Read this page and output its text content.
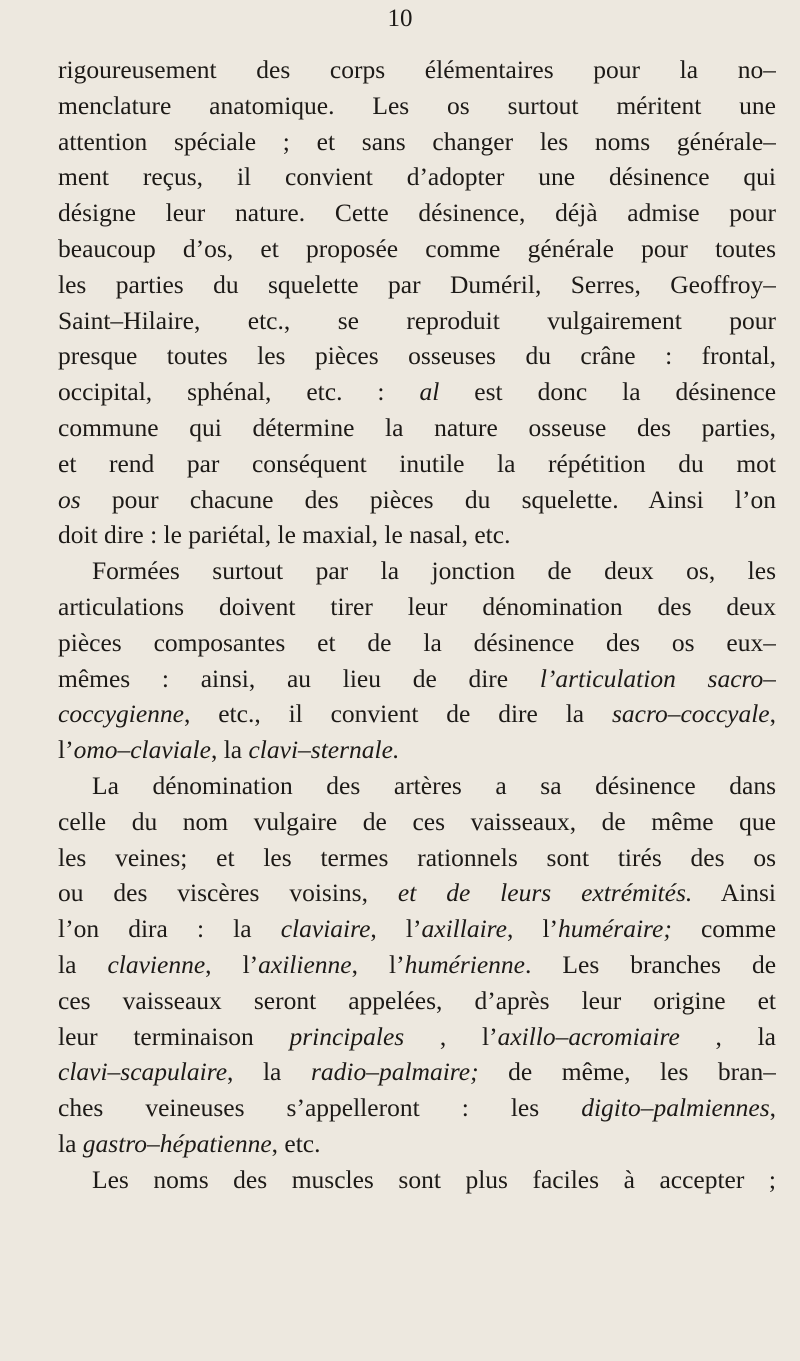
10
rigoureusement des corps élémentaires pour la no–
menclature anatomique. Les os surtout méritent une
attention spéciale ; et sans changer les noms générale–
ment reçus, il convient d’adopter une désinence qui
désigne leur nature. Cette désinence, déjà admise pour
beaucoup d’os, et proposée comme générale pour toutes
les parties du squelette par Duméril, Serres, Geoffroy–
Saint–Hilaire, etc., se reproduit vulgairement pour
presque toutes les pièces osseuses du crâne : frontal,
occipital, sphénal, etc. : al est donc la désinence
commune qui détermine la nature osseuse des parties,
et rend par conséquent inutile la répétition du mot
os pour chacune des pièces du squelette. Ainsi l’on
doit dire : le pariétal, le maxial, le nasal, etc.
Formées surtout par la jonction de deux os, les
articulations doivent tirer leur dénomination des deux
pièces composantes et de la désinence des os eux–
mêmes : ainsi, au lieu de dire l’articulation sacro–
coccygienne, etc., il convient de dire la sacro–coccyale,
l’omo–claviale, la clavi–sternale.
La dénomination des artères a sa désinence dans
celle du nom vulgaire de ces vaisseaux, de même que
les veines; et les termes rationnels sont tirés des os
ou des viscères voisins, et de leurs extrémités. Ainsi
l’on dira : la claviaire, l’axillaire, l’huméraire; comme
la clavienne, l’axilienne, l’humérienne. Les branches de
ces vaisseaux seront appelées, d’après leur origine et
leur terminaison principales , l’axillo–acromiaire , la
clavi–scapulaire, la radio–palmaire; de même, les bran–
ches veineuses s’appelleront : les digito–palmiennes,
la gastro–hépatienne, etc.
Les noms des muscles sont plus faciles à accepter ;
